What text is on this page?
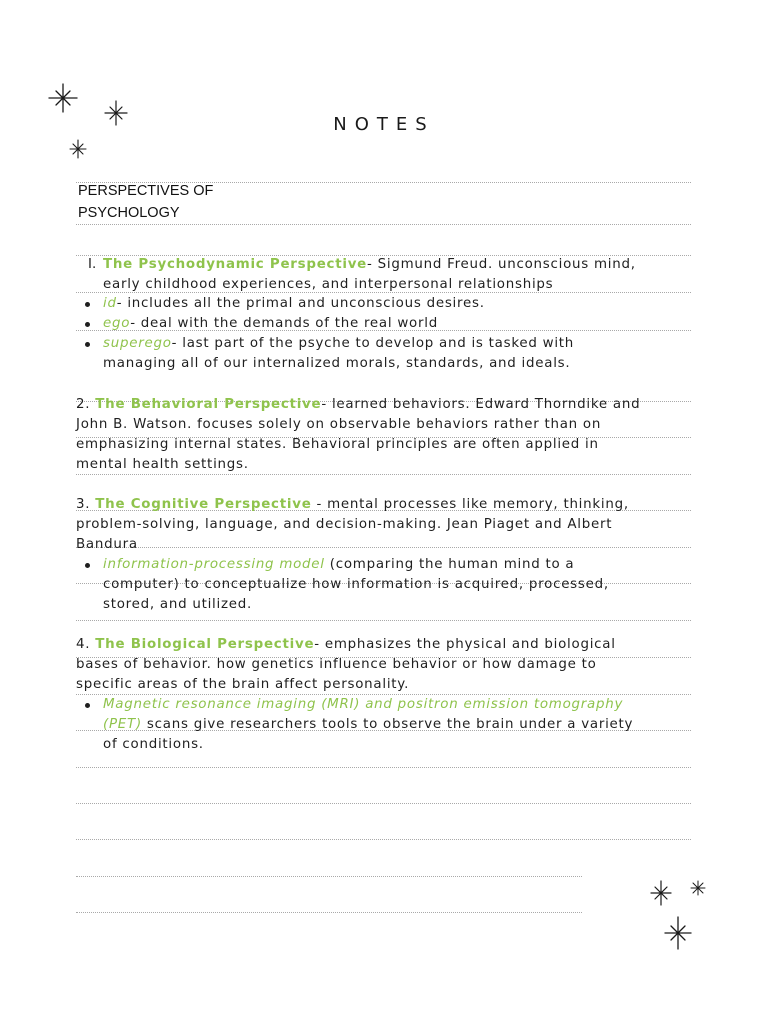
NOTES
PERSPECTIVES OF
PSYCHOLOGY
I. The Psychodynamic Perspective- Sigmund Freud. unconscious mind,
early childhood experiences, and interpersonal relationships
id- includes all the primal and unconscious desires.
ego- deal with the demands of the real world
superego- last part of the psyche to develop and is tasked with
managing all of our internalized morals, standards, and ideals.
2. The Behavioral Perspective- learned behaviors. Edward Thorndike and
John B. Watson. focuses solely on observable behaviors rather than on
emphasizing internal states. Behavioral principles are often applied in
mental health settings.
3. The Cognitive Perspective - mental processes like memory, thinking,
problem-solving, language, and decision-making. Jean Piaget and Albert
Bandura
information-processing model (comparing the human mind to a
computer) to conceptualize how information is acquired, processed,
stored, and utilized.
4. The Biological Perspective- emphasizes the physical and biological
bases of behavior. how genetics influence behavior or how damage to
specific areas of the brain affect personality.
Magnetic resonance imaging (MRI) and positron emission tomography
(PET) scans give researchers tools to observe the brain under a variety
of conditions.
